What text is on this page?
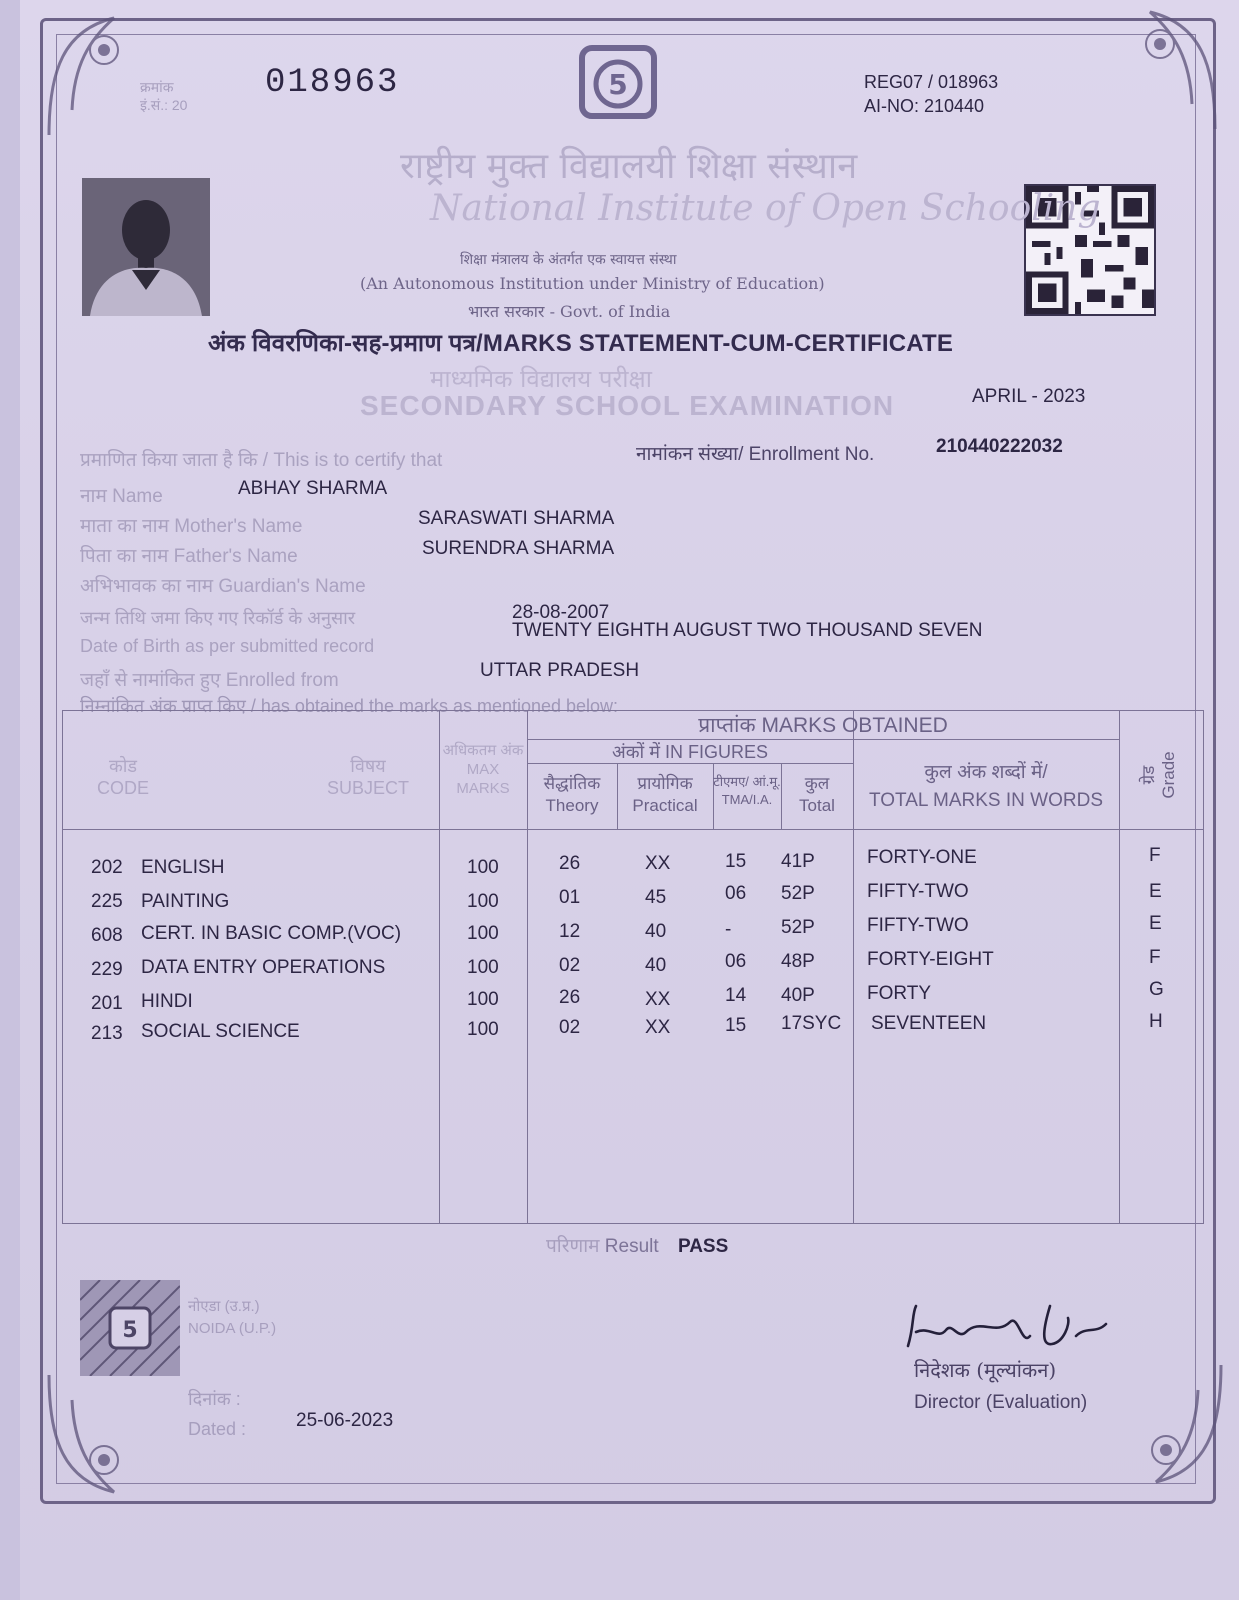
क्रमांक
इं.सं.: 20
018963	5	REG07 / 018963
AI-NO: 210440
राष्ट्रीय मुक्त विद्यालयी शिक्षा संस्थान
National Institute of Open Schooling
शिक्षा मंत्रालय के अंतर्गत एक स्वायत्त संस्था
(An Autonomous Institution under Ministry of Education)
भारत सरकार - Govt. of India
अंक विवरणिका-सह-प्रमाण पत्र/MARKS STATEMENT-CUM-CERTIFICATE
माध्यमिक विद्यालय परीक्षा
SECONDARY SCHOOL EXAMINATION	APRIL - 2023
प्रमाणित किया जाता है कि / This is to certify that	नामांकन संख्या/ Enrollment No.	210440222032
नाम Name	ABHAY SHARMA
माता का नाम Mother's Name	SARASWATI SHARMA
पिता का नाम Father's Name	SURENDRA SHARMA
अभिभावक का नाम Guardian's Name
जन्म तिथि जमा किए गए रिकॉर्ड के अनुसार
Date of Birth as per submitted record
28-08-2007
TWENTY EIGHTH AUGUST TWO THOUSAND SEVEN
जहाँ से नामांकित हुए Enrolled from	UTTAR PRADESH
निम्नांकित अंक प्राप्त किए / has obtained the marks as mentioned below:
कोड
CODE
विषय
SUBJECT
अधिकतम अंक
MAX MARKS
प्राप्तांक MARKS OBTAINED
अंकों में IN FIGURES
सैद्धांतिक
Theory
प्रायोगिक
Practical
टीएमए/ आं.मू.
TMA/I.A.
कुल
Total
कुल अंक शब्दों में/
TOTAL MARKS IN WORDS
ग्रेड Grade
202 ENGLISH	100	26	XX	15 41P	FORTY-ONE	F
225 PAINTING	100	01	45	06 52P	FIFTY-TWO	E
608 CERT. IN BASIC COMP.(VOC)	100	12	40	-	52P	FIFTY-TWO	E
229 DATA ENTRY OPERATIONS	100	02	40	06 48P	FORTY-EIGHT	F
201 HINDI	100	26	XX	14 40P	FORTY	G
213 SOCIAL SCIENCE	100	02	XX	15 17SYC SEVENTEEN	H
परिणाम Result PASS
5
नोएडा (उ.प्र.)
NOIDA (U.P.)
दिनांक :
Dated :	25-06-2023
निदेशक (मूल्यांकन)
Director (Evaluation)
